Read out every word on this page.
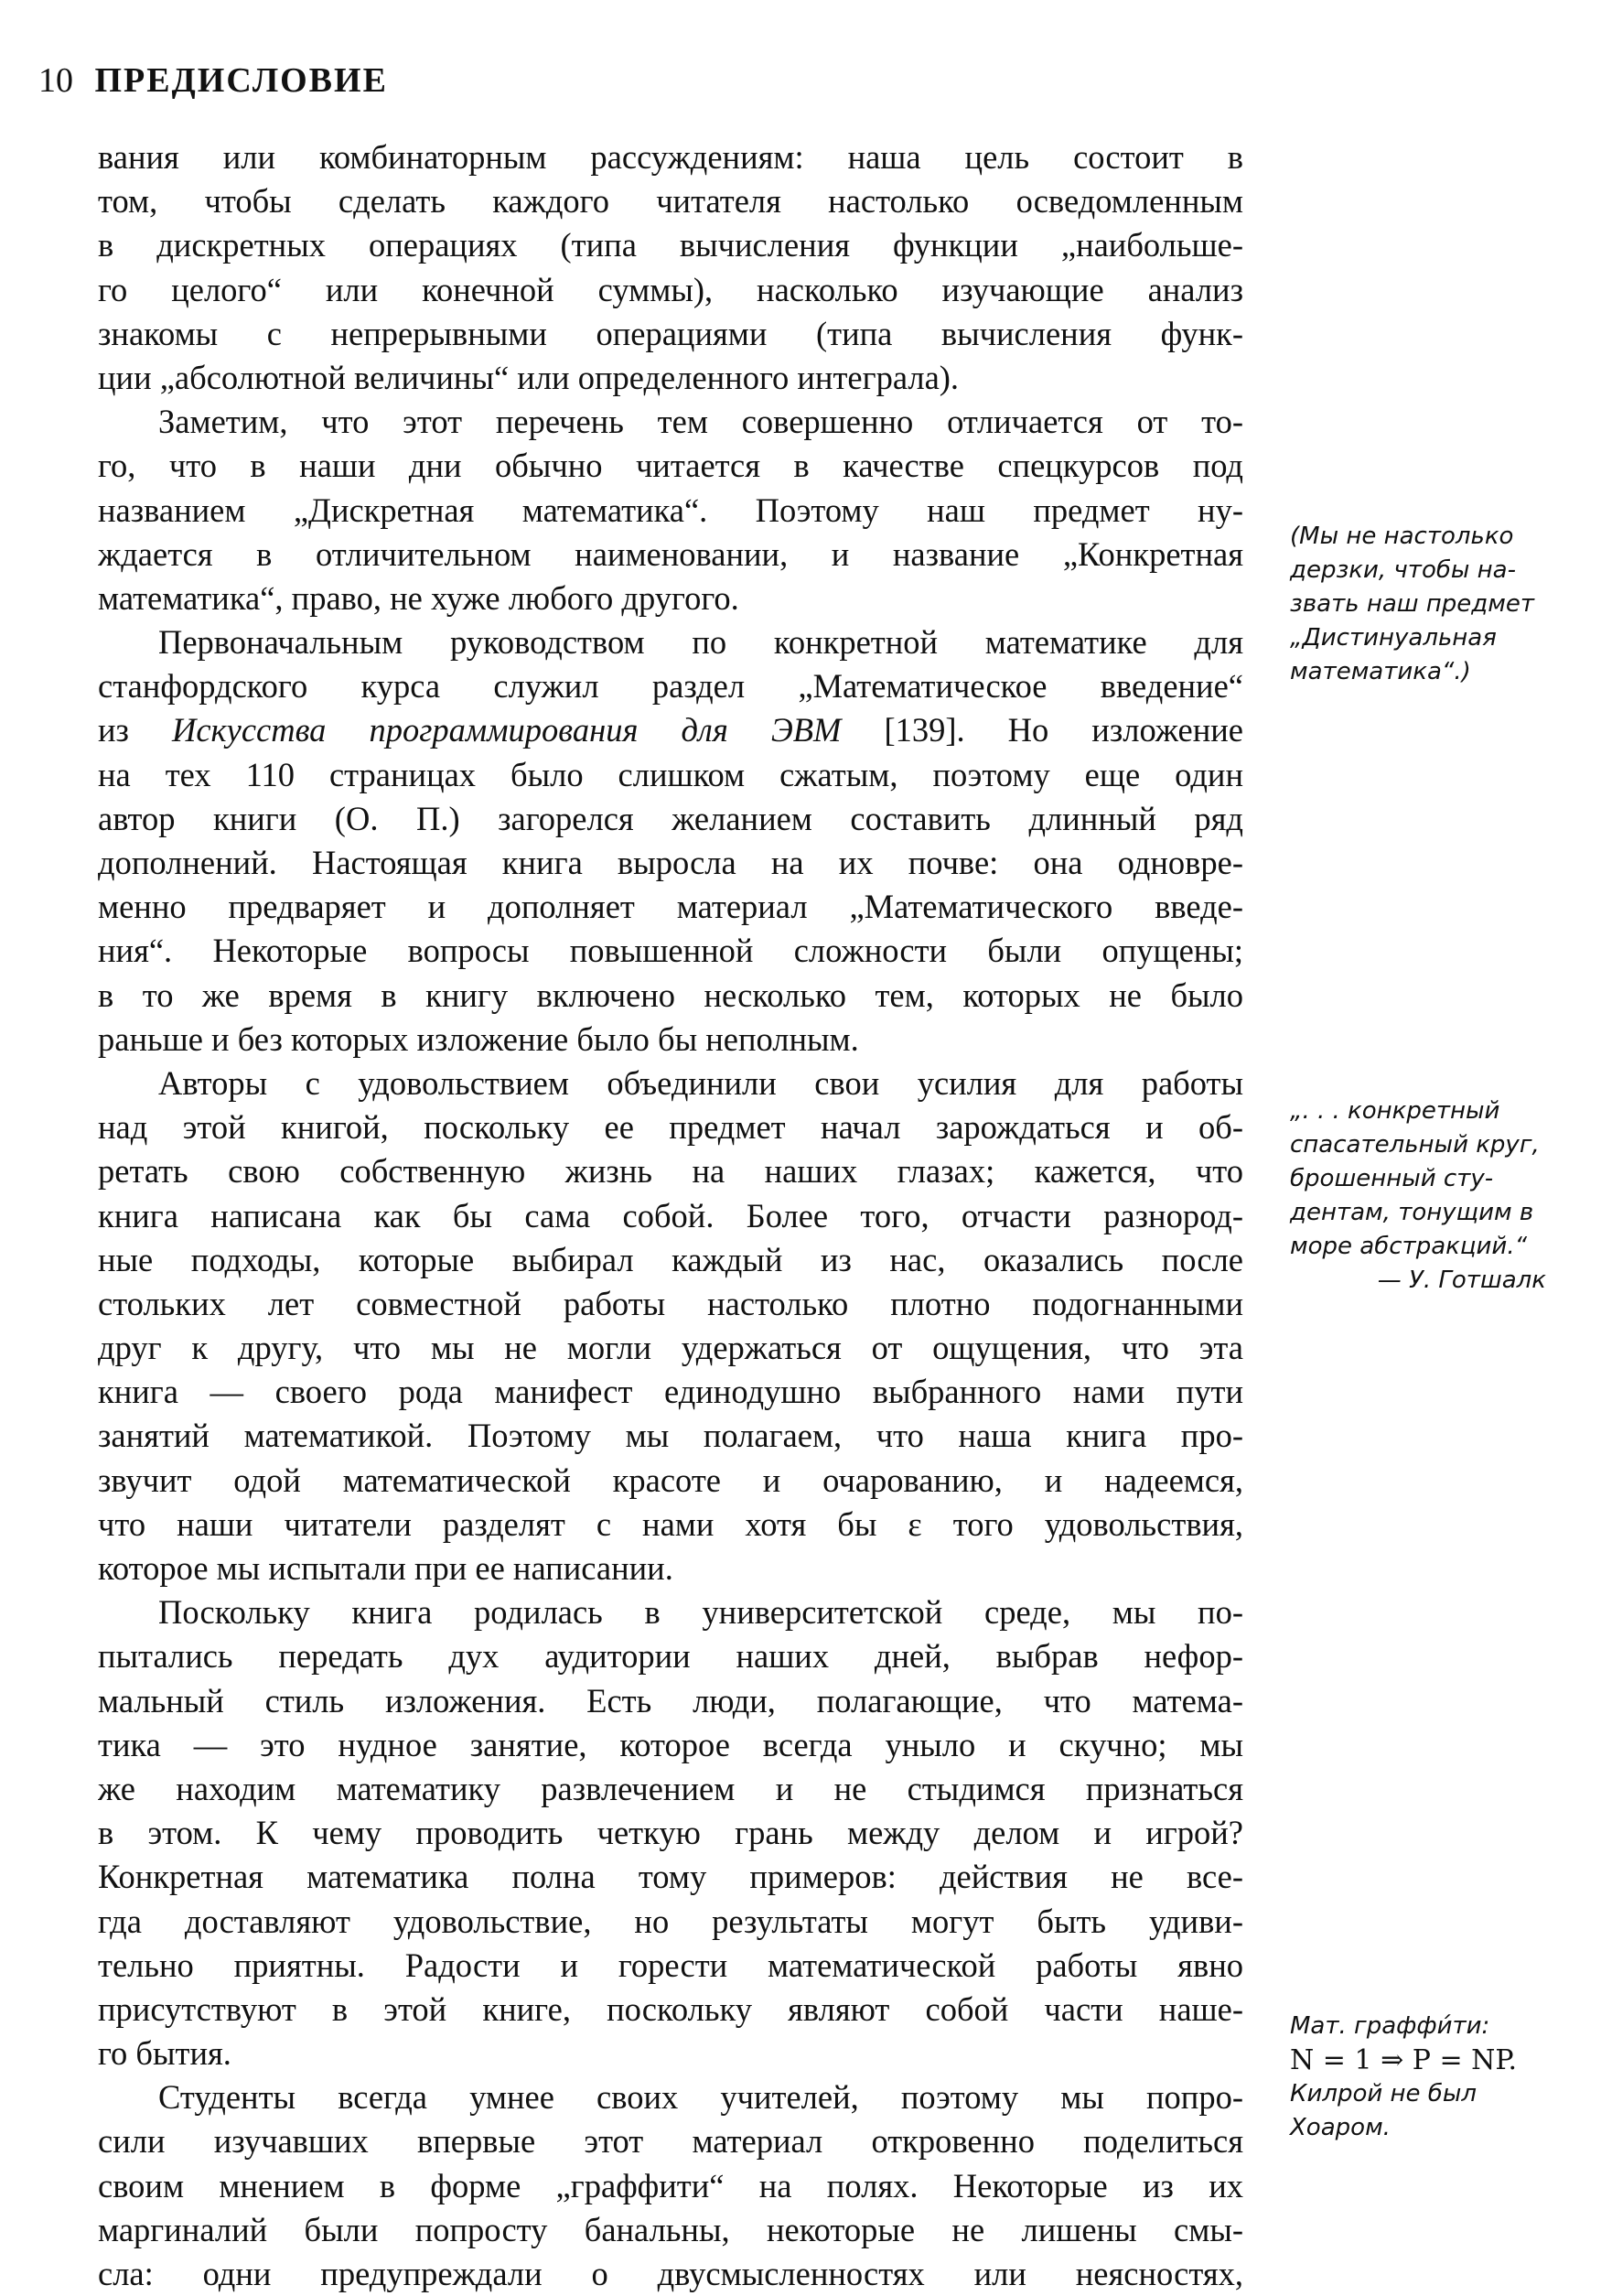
10 ПРЕДИСЛОВИЕ
вания или комбинаторным рассуждениям: наша цель состоит в
том, чтобы сделать каждого читателя настолько осведомленным
в дискретных операциях (типа вычисления функции „наибольше-
го целого“ или конечной суммы), насколько изучающие анализ
знакомы с непрерывными операциями (типа вычисления функ-
ции „абсолютной величины“ или определенного интеграла).
Заметим, что этот перечень тем совершенно отличается от то-
го, что в наши дни обычно читается в качестве спецкурсов под
названием „Дискретная математика“. Поэтому наш предмет ну-
ждается в отличительном наименовании, и название „Конкретная
математика“, право, не хуже любого другого.
Первоначальным руководством по конкретной математике для
станфордского курса служил раздел „Математическое введение“
из Искусства программирования для ЭВМ [139]. Но изложение
на тех 110 страницах было слишком сжатым, поэтому еще один
автор книги (О. П.) загорелся желанием составить длинный ряд
дополнений. Настоящая книга выросла на их почве: она одновре-
менно предваряет и дополняет материал „Математического введе-
ния“. Некоторые вопросы повышенной сложности были опущены;
в то же время в книгу включено несколько тем, которых не было
раньше и без которых изложение было бы неполным.
Авторы с удовольствием объединили свои усилия для работы
над этой книгой, поскольку ее предмет начал зарождаться и об-
ретать свою собственную жизнь на наших глазах; кажется, что
книга написана как бы сама собой. Более того, отчасти разнород-
ные подходы, которые выбирал каждый из нас, оказались после
стольких лет совместной работы настолько плотно подогнанными
друг к другу, что мы не могли удержаться от ощущения, что эта
книга — своего рода манифест единодушно выбранного нами пути
занятий математикой. Поэтому мы полагаем, что наша книга про-
звучит одой математической красоте и очарованию, и надеемся,
что наши читатели разделят с нами хотя бы ε того удовольствия,
которое мы испытали при ее написании.
Поскольку книга родилась в университетской среде, мы по-
пытались передать дух аудитории наших дней, выбрав нефор-
мальный стиль изложения. Есть люди, полагающие, что матема-
тика — это нудное занятие, которое всегда уныло и скучно; мы
же находим математику развлечением и не стыдимся признаться
в этом. К чему проводить четкую грань между делом и игрой?
Конкретная математика полна тому примеров: действия не все-
гда доставляют удовольствие, но результаты могут быть удиви-
тельно приятны. Радости и горести математической работы явно
присутствуют в этой книге, поскольку являют собой части наше-
го бытия.
Студенты всегда умнее своих учителей, поэтому мы попро-
сили изучавших впервые этот материал откровенно поделиться
своим мнением в форме „граффити“ на полях. Некоторые из их
маргиналий были попросту банальны, некоторые не лишены смы-
сла: одни предупреждали о двусмысленностях или неясностях,
(Мы не настолько
дерзки, чтобы на-
звать наш предмет
„Дистинуальная
математика“.)
„. . . конкретный
спасательный круг,
брошенный сту-
дентам, тонущим в
море абстракций.“
— У. Готшалк
Мат. граффи́ти:
N = 1 ⇒ P = NP.
Килрой не был
Хоаром.
